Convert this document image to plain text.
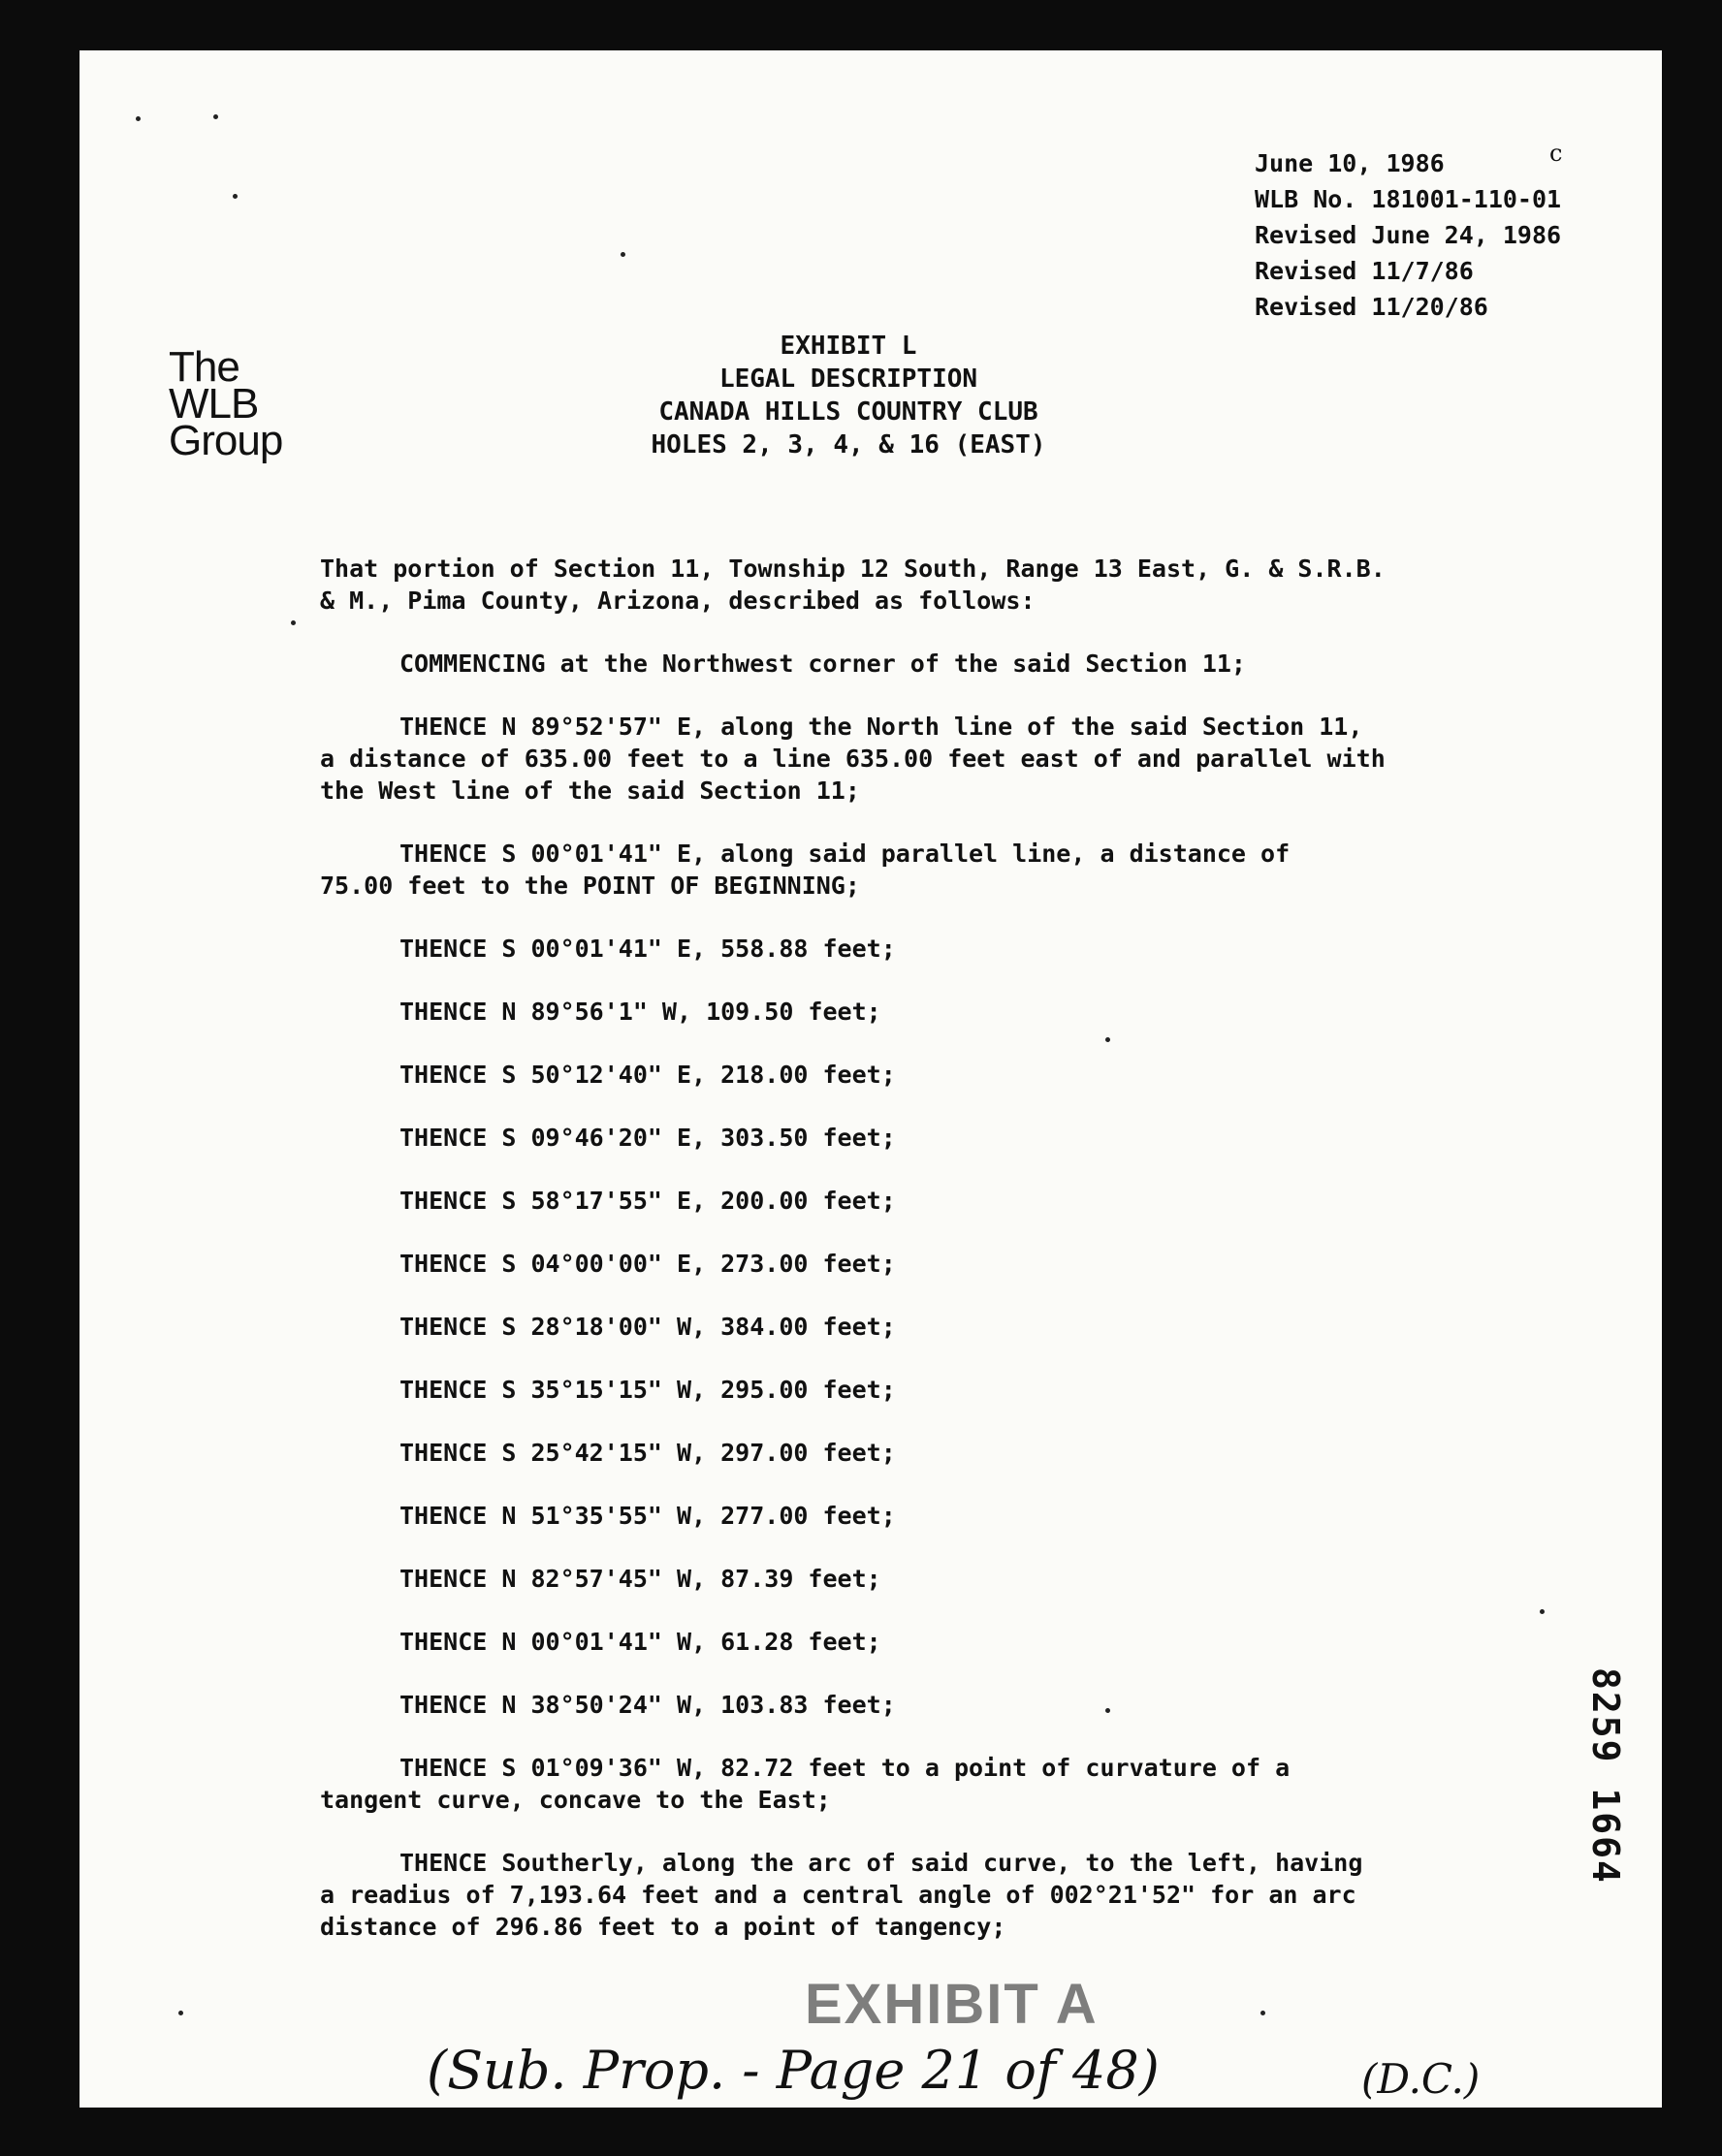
June 10, 1986
WLB No. 181001-110-01
Revised June 24, 1986
Revised 11/7/86
Revised 11/20/86
c
The
WLB
Group
EXHIBIT L
LEGAL DESCRIPTION
CANADA HILLS COUNTRY CLUB
HOLES 2, 3, 4, & 16 (EAST)

That portion of Section 11, Township 12 South, Range 13 East, G. & S.R.B.

& M., Pima County, Arizona, described as follows:

COMMENCING at the Northwest corner of the said Section 11;

THENCE N 89°52'57" E, along the North line of the said Section 11,

a distance of 635.00 feet to a line 635.00 feet east of and parallel with

the West line of the said Section 11;

THENCE S 00°01'41" E, along said parallel line, a distance of

75.00 feet to the POINT OF BEGINNING;

THENCE S 00°01'41" E, 558.88 feet;

THENCE N 89°56'1" W, 109.50 feet;

THENCE S 50°12'40" E, 218.00 feet;

THENCE S 09°46'20" E, 303.50 feet;

THENCE S 58°17'55" E, 200.00 feet;

THENCE S 04°00'00" E, 273.00 feet;

THENCE S 28°18'00" W, 384.00 feet;

THENCE S 35°15'15" W, 295.00 feet;

THENCE S 25°42'15" W, 297.00 feet;

THENCE N 51°35'55" W, 277.00 feet;

THENCE N 82°57'45" W, 87.39 feet;

THENCE N 00°01'41" W, 61.28 feet;

THENCE N 38°50'24" W, 103.83 feet;

THENCE S 01°09'36" W, 82.72 feet to a point of curvature of a

tangent curve, concave to the East;

THENCE Southerly, along the arc of said curve, to the left, having

a readius of 7,193.64 feet and a central angle of 002°21'52" for an arc

distance of 296.86 feet to a point of tangency;

8259 1664
EXHIBIT A
(Sub. Prop. - Page 21 of 48)	(D.C.)
